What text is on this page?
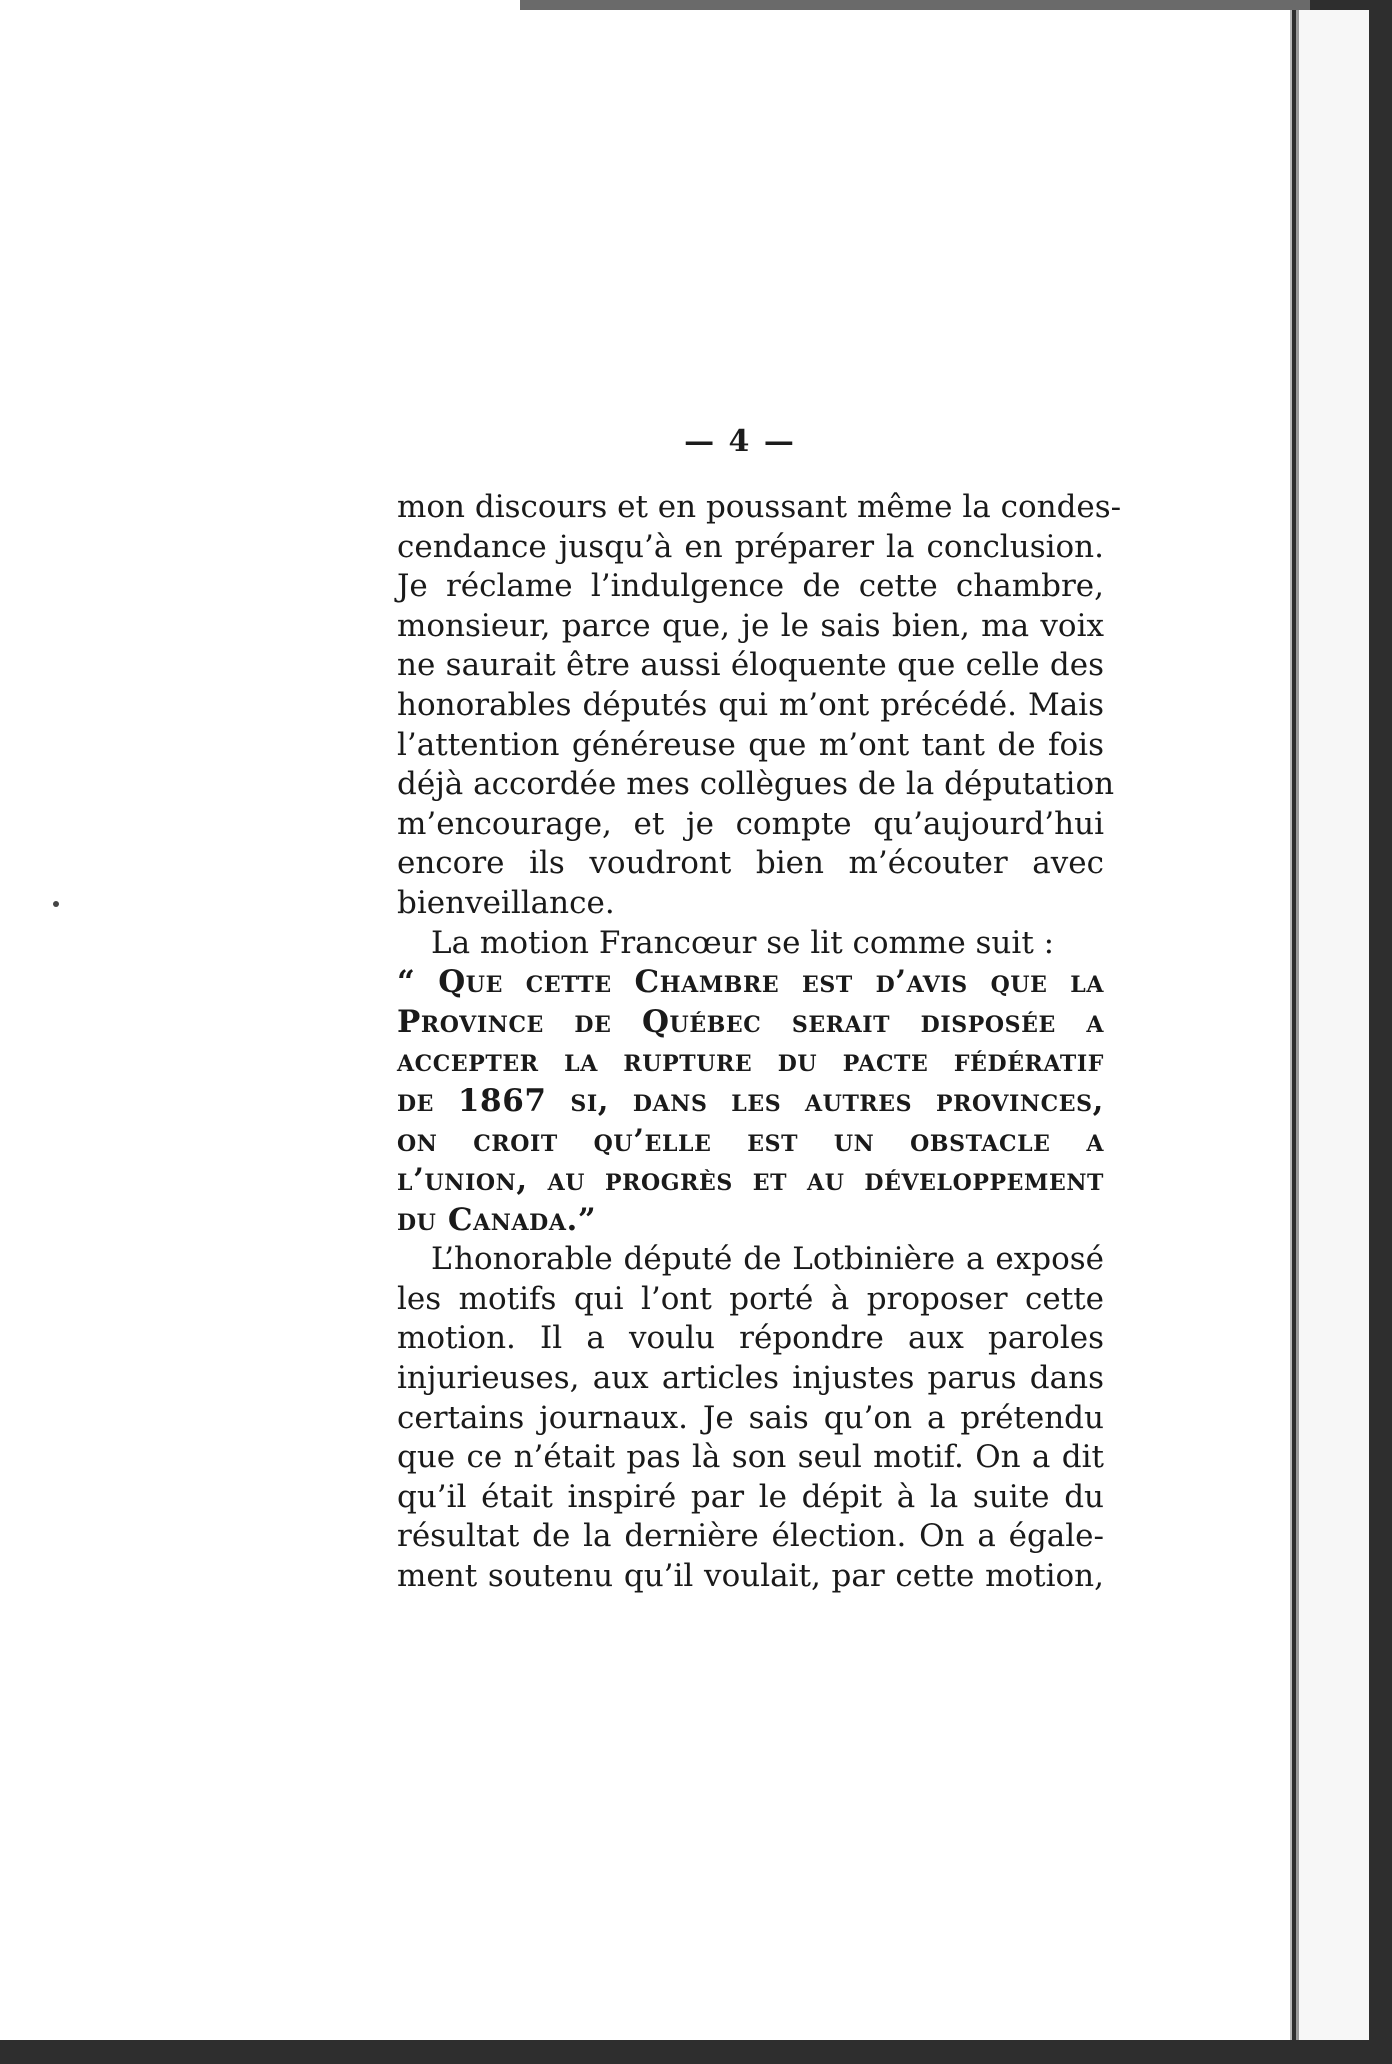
— 4 —
mon discours et en poussant même la condes-
cendance jusqu’à en préparer la conclusion.
Je réclame l’indulgence de cette chambre,
monsieur, parce que, je le sais bien, ma voix
ne saurait être aussi éloquente que celle des
honorables députés qui m’ont précédé. Mais
l’attention généreuse que m’ont tant de fois
déjà accordée mes collègues de la députation
m’encourage, et je compte qu’aujourd’hui
encore ils voudront bien m’écouter avec
bienveillance.
La motion Francœur se lit comme suit :
“ Que cette Chambre est d’avis que la
Province de Québec serait disposée a
accepter la rupture du pacte fédératif
de 1867 si, dans les autres provinces,
on croit qu’elle est un obstacle a
l’union, au progrès et au développement
du Canada.”
L’honorable député de Lotbinière a exposé
les motifs qui l’ont porté à proposer cette
motion. Il a voulu répondre aux paroles
injurieuses, aux articles injustes parus dans
certains journaux. Je sais qu’on a prétendu
que ce n’était pas là son seul motif. On a dit
qu’il était inspiré par le dépit à la suite du
résultat de la dernière élection. On a égale-
ment soutenu qu’il voulait, par cette motion,
